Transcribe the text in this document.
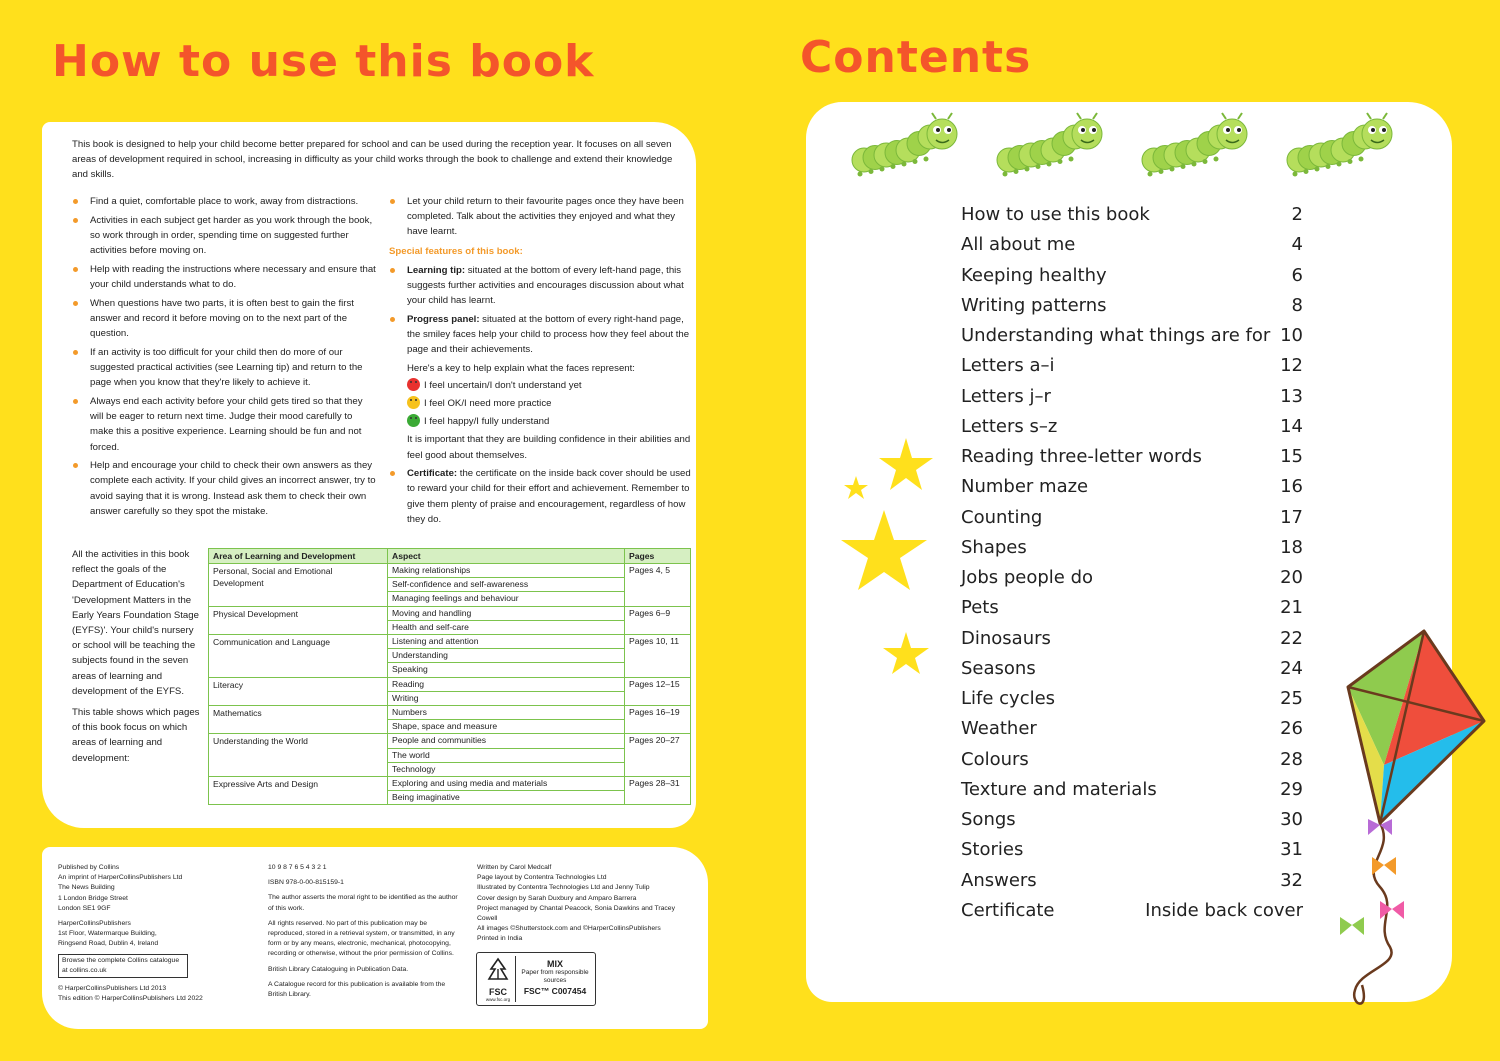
How to use this book	Contents
This book is designed to help your child become better prepared for school and can be used during the reception year. It focuses on all seven areas of development required in school, increasing in difficulty as your child works through the book to challenge and extend their knowledge and skills.
Find a quiet, comfortable place to work, away from distractions.
Activities in each subject get harder as you work through the book, so work through in order, spending time on suggested further activities before moving on.
Help with reading the instructions where necessary and ensure that your child understands what to do.
When questions have two parts, it is often best to gain the first answer and record it before moving on to the next part of the question.
If an activity is too difficult for your child then do more of our suggested practical activities (see Learning tip) and return to the page when you know that they're likely to achieve it.
Always end each activity before your child gets tired so that they will be eager to return next time. Judge their mood carefully to make this a positive experience. Learning should be fun and not forced.
Help and encourage your child to check their own answers as they complete each activity. If your child gives an incorrect answer, try to avoid saying that it is wrong. Instead ask them to check their own answer carefully so they spot the mistake.
Let your child return to their favourite pages once they have been completed. Talk about the activities they enjoyed and what they have learnt.
Special features of this book:
Learning tip: situated at the bottom of every left-hand page, this suggests further activities and encourages discussion about what your child has learnt.
Progress panel: situated at the bottom of every right-hand page, the smiley faces help your child to process how they feel about the page and their achievements.
Here's a key to help explain what the faces represent:
I feel uncertain/I don't understand yet
I feel OK/I need more practice
I feel happy/I fully understand
It is important that they are building confidence in their abilities and feel good about themselves.
Certificate: the certificate on the inside back cover should be used to reward your child for their effort and achievement. Remember to give them plenty of praise and encouragement, regardless of how they do.
All the activities in this book reflect the goals of the Department of Education's 'Development Matters in the Early Years Foundation Stage (EYFS)'. Your child's nursery or school will be teaching the subjects found in the seven areas of learning and development of the EYFS.
This table shows which pages of this book focus on which areas of learning and development:
Area of Learning and Development	Aspect	Pages
Personal, Social and Emotional Development	Making relationships	Pages 4, 5
	Self-confidence and self-awareness	
	Managing feelings and behaviour	
Physical Development	Moving and handling	Pages 6–9
	Health and self-care	
Communication and Language	Listening and attention	Pages 10, 11
	Understanding	
	Speaking	
Literacy	Reading	Pages 12–15
	Writing	
Mathematics	Numbers	Pages 16–19
	Shape, space and measure	
Understanding the World	People and communities	Pages 20–27
	The world	
	Technology	
Expressive Arts and Design	Exploring and using media and materials	Pages 28–31
	Being imaginative	
Published by Collins
An imprint of HarperCollinsPublishers Ltd
The News Building
1 London Bridge Street
London SE1 9GF
HarperCollinsPublishers
1st Floor, Watermarque Building,
Ringsend Road, Dublin 4, Ireland
Browse the complete Collins catalogue at collins.co.uk
© HarperCollinsPublishers Ltd 2013
This edition © HarperCollinsPublishers Ltd 2022
10 9 8 7 6 5 4 3 2 1
ISBN 978-0-00-815159-1
The author asserts the moral right to be identified as the author of this work.
All rights reserved. No part of this publication may be reproduced, stored in a retrieval system, or transmitted, in any form or by any means, electronic, mechanical, photocopying, recording or otherwise, without the prior permission of Collins.
British Library Cataloguing in Publication Data.
A Catalogue record for this publication is available from the British Library.
Written by Carol Medcalf
Page layout by Contentra Technologies Ltd
Illustrated by Contentra Technologies Ltd and Jenny Tulip
Cover design by Sarah Duxbury and Amparo Barrera
Project managed by Chantal Peacock, Sonia Dawkins and Tracey Cowell
All images ©Shutterstock.com and ©HarperCollinsPublishers
Printed in India
FSC
www.fsc.org
MIX
Paper from responsible sources
FSC™ C007454
How to use this book	2
All about me	4
Keeping healthy	6
Writing patterns	8
Understanding what things are for 10
Letters a–i	12
Letters j–r	13
Letters s–z	14
Reading three-letter words	15
Number maze	16
Counting	17
Shapes	18
Jobs people do	20
Pets	21
Dinosaurs	22
Seasons	24
Life cycles	25
Weather	26
Colours	28
Texture and materials	29
Songs	30
Stories	31
Answers	32
Certificate	Inside back cover
